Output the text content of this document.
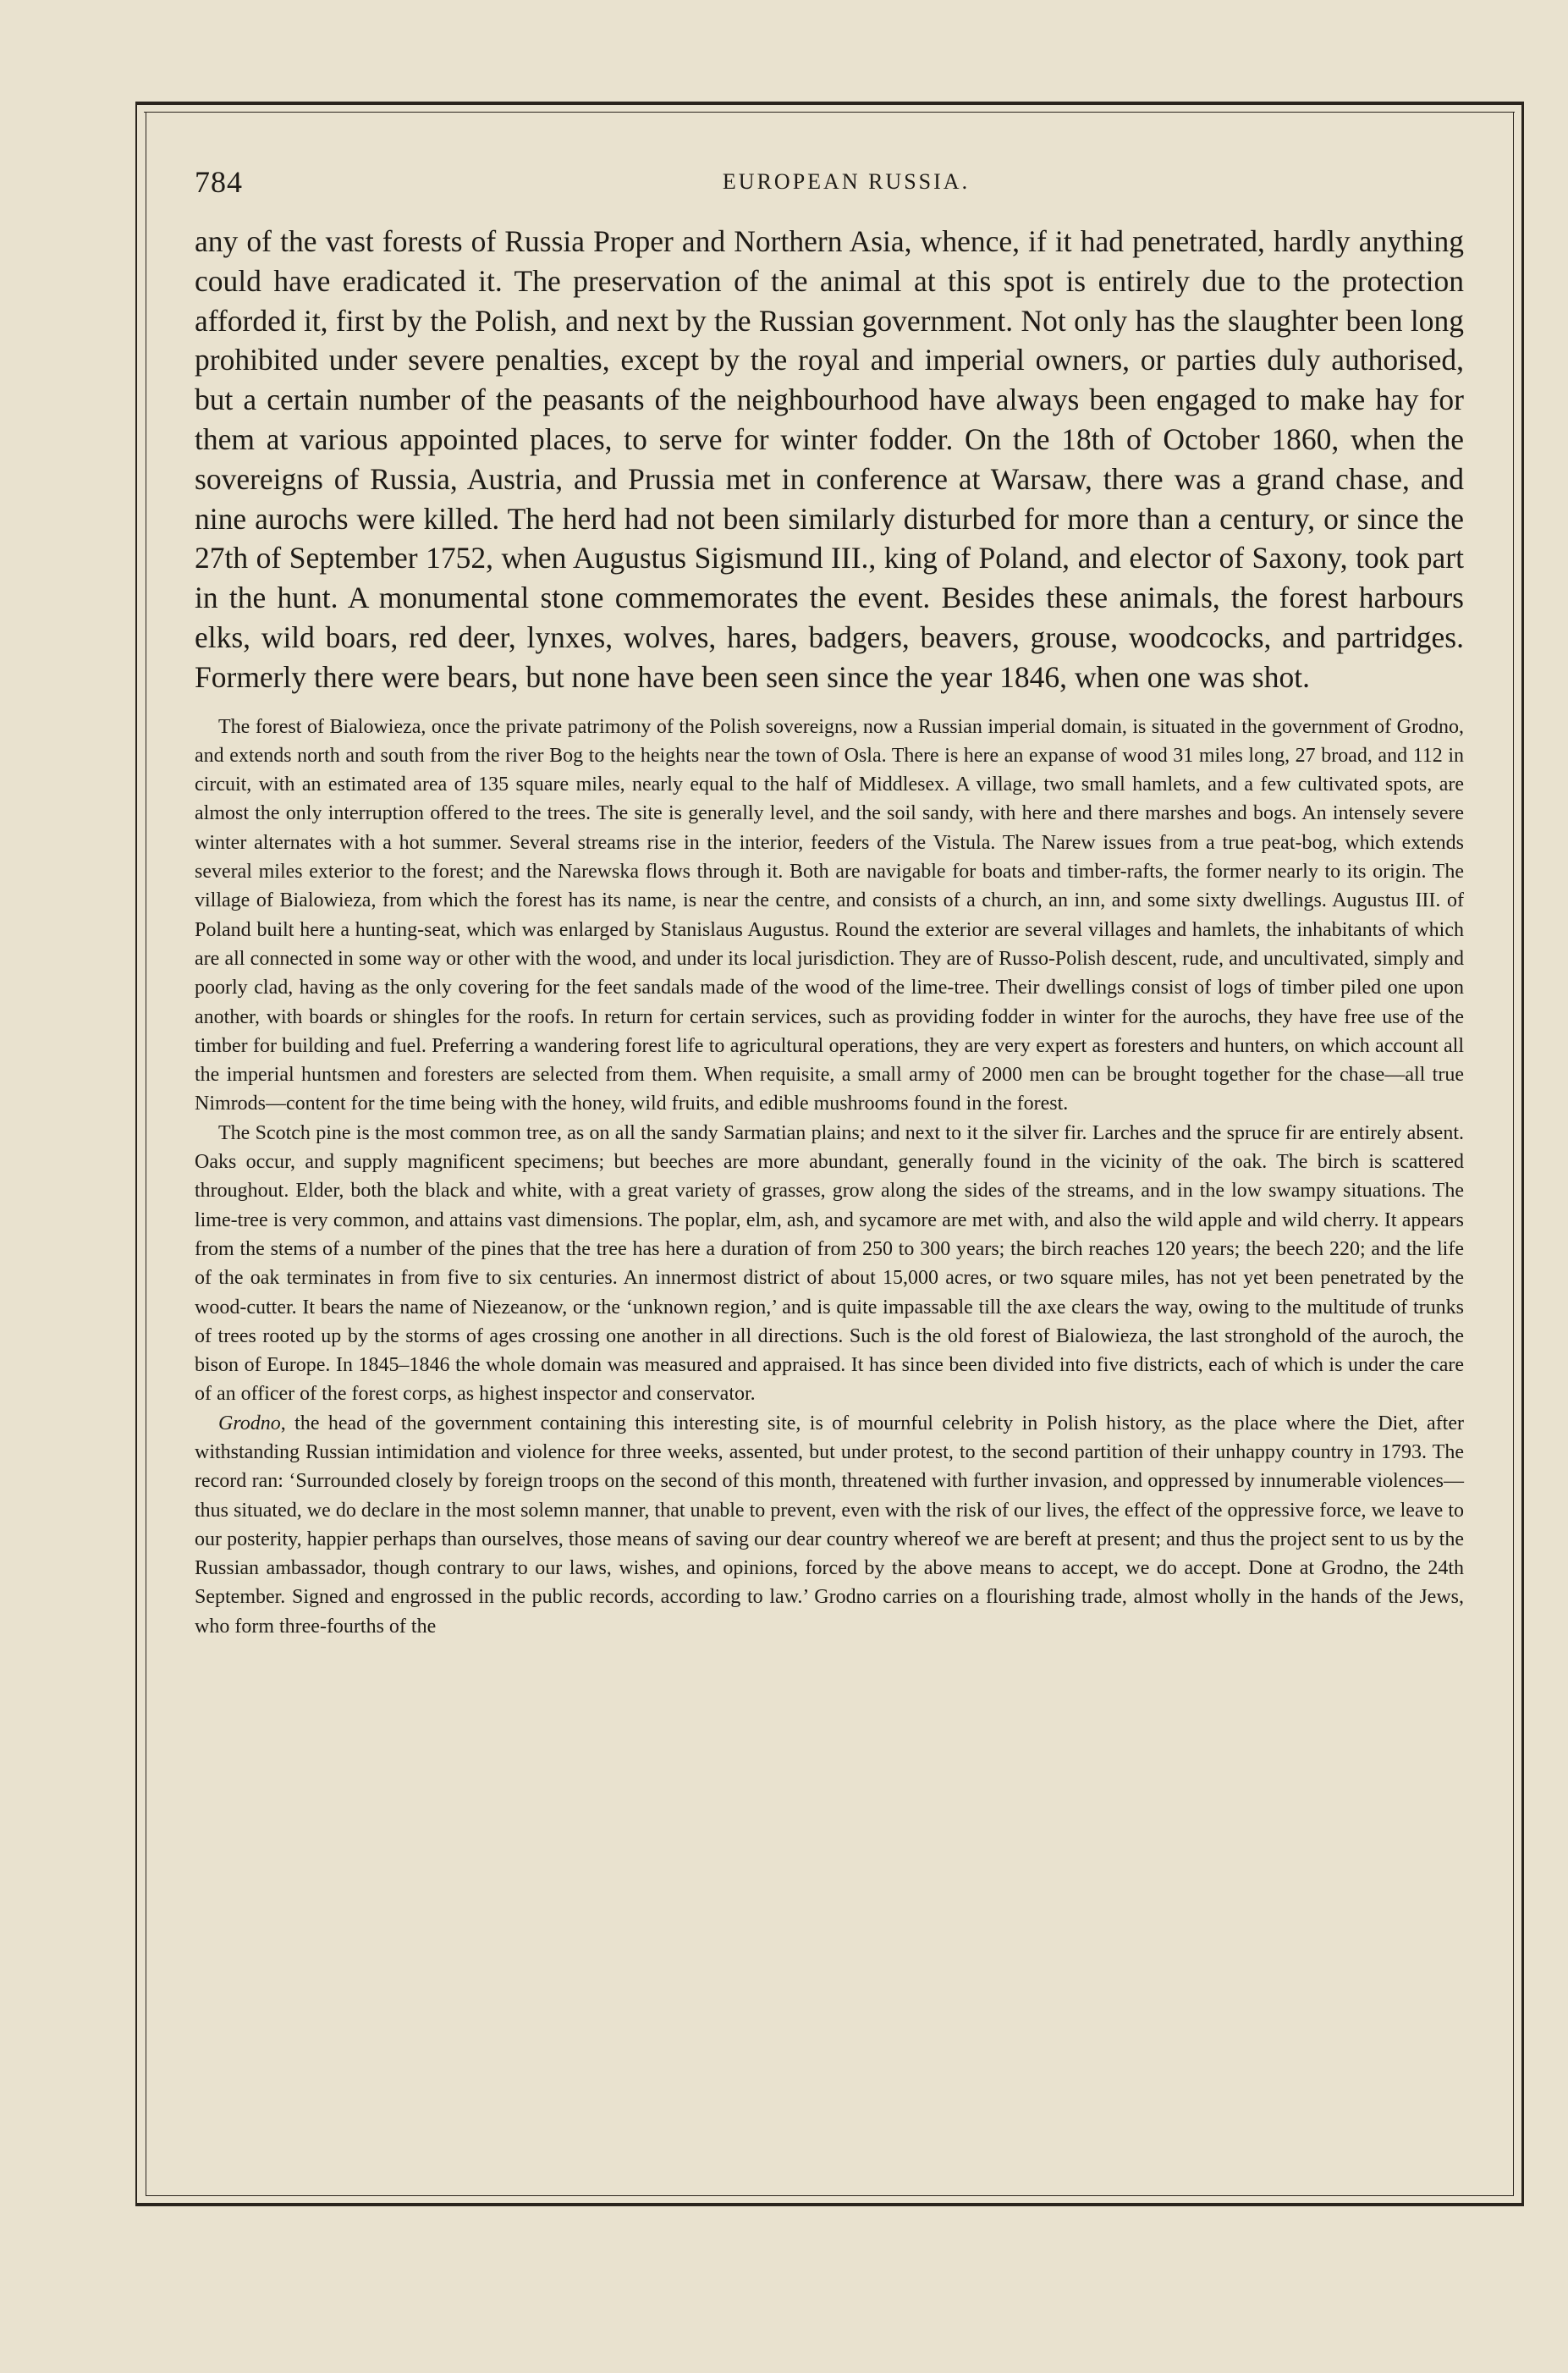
784	EUROPEAN RUSSIA.

any of the vast forests of Russia Proper and Northern Asia, whence, if it had penetrated, hardly anything could have eradicated it. The preservation of the animal at this spot is entirely due to the protection afforded it, first by the Polish, and next by the Russian government. Not only has the slaughter been long prohibited under severe penalties, except by the royal and imperial owners, or parties duly authorised, but a certain number of the peasants of the neighbourhood have always been engaged to make hay for them at various appointed places, to serve for winter fodder. On the 18th of October 1860, when the sovereigns of Russia, Austria, and Prussia met in conference at Warsaw, there was a grand chase, and nine aurochs were killed. The herd had not been similarly disturbed for more than a century, or since the 27th of September 1752, when Augustus Sigismund III., king of Poland, and elector of Saxony, took part in the hunt. A monumental stone commemorates the event. Besides these animals, the forest harbours elks, wild boars, red deer, lynxes, wolves, hares, badgers, beavers, grouse, woodcocks, and partridges. Formerly there were bears, but none have been seen since the year 1846, when one was shot.

The forest of Bialowieza, once the private patrimony of the Polish sovereigns, now a Russian imperial domain, is situated in the government of Grodno, and extends north and south from the river Bog to the heights near the town of Osla. There is here an expanse of wood 31 miles long, 27 broad, and 112 in circuit, with an estimated area of 135 square miles, nearly equal to the half of Middlesex. A village, two small hamlets, and a few cultivated spots, are almost the only interruption offered to the trees. The site is generally level, and the soil sandy, with here and there marshes and bogs. An intensely severe winter alternates with a hot summer. Several streams rise in the interior, feeders of the Vistula. The Narew issues from a true peat-bog, which extends several miles exterior to the forest; and the Narewska flows through it. Both are navigable for boats and timber-rafts, the former nearly to its origin. The village of Bialowieza, from which the forest has its name, is near the centre, and consists of a church, an inn, and some sixty dwellings. Augustus III. of Poland built here a hunting-seat, which was enlarged by Stanislaus Augustus. Round the exterior are several villages and hamlets, the inhabitants of which are all connected in some way or other with the wood, and under its local jurisdiction. They are of Russo-Polish descent, rude, and uncultivated, simply and poorly clad, having as the only covering for the feet sandals made of the wood of the lime-tree. Their dwellings consist of logs of timber piled one upon another, with boards or shingles for the roofs. In return for certain services, such as providing fodder in winter for the aurochs, they have free use of the timber for building and fuel. Preferring a wandering forest life to agricultural operations, they are very expert as foresters and hunters, on which account all the imperial huntsmen and foresters are selected from them. When requisite, a small army of 2000 men can be brought together for the chase—all true Nimrods—content for the time being with the honey, wild fruits, and edible mushrooms found in the forest.

The Scotch pine is the most common tree, as on all the sandy Sarmatian plains; and next to it the silver fir. Larches and the spruce fir are entirely absent. Oaks occur, and supply magnificent specimens; but beeches are more abundant, generally found in the vicinity of the oak. The birch is scattered throughout. Elder, both the black and white, with a great variety of grasses, grow along the sides of the streams, and in the low swampy situations. The lime-tree is very common, and attains vast dimensions. The poplar, elm, ash, and sycamore are met with, and also the wild apple and wild cherry. It appears from the stems of a number of the pines that the tree has here a duration of from 250 to 300 years; the birch reaches 120 years; the beech 220; and the life of the oak terminates in from five to six centuries. An innermost district of about 15,000 acres, or two square miles, has not yet been penetrated by the wood-cutter. It bears the name of Niezeanow, or the ‘unknown region,’ and is quite impassable till the axe clears the way, owing to the multitude of trunks of trees rooted up by the storms of ages crossing one another in all directions. Such is the old forest of Bialowieza, the last stronghold of the auroch, the bison of Europe. In 1845–1846 the whole domain was measured and appraised. It has since been divided into five districts, each of which is under the care of an officer of the forest corps, as highest inspector and conservator.

Grodno, the head of the government containing this interesting site, is of mournful celebrity in Polish history, as the place where the Diet, after withstanding Russian intimidation and violence for three weeks, assented, but under protest, to the second partition of their unhappy country in 1793. The record ran: ‘Surrounded closely by foreign troops on the second of this month, threatened with further invasion, and oppressed by innumerable violences—thus situated, we do declare in the most solemn manner, that unable to prevent, even with the risk of our lives, the effect of the oppressive force, we leave to our posterity, happier perhaps than ourselves, those means of saving our dear country whereof we are bereft at present; and thus the project sent to us by the Russian ambassador, though contrary to our laws, wishes, and opinions, forced by the above means to accept, we do accept. Done at Grodno, the 24th September. Signed and engrossed in the public records, according to law.’ Grodno carries on a flourishing trade, almost wholly in the hands of the Jews, who form three-fourths of the
